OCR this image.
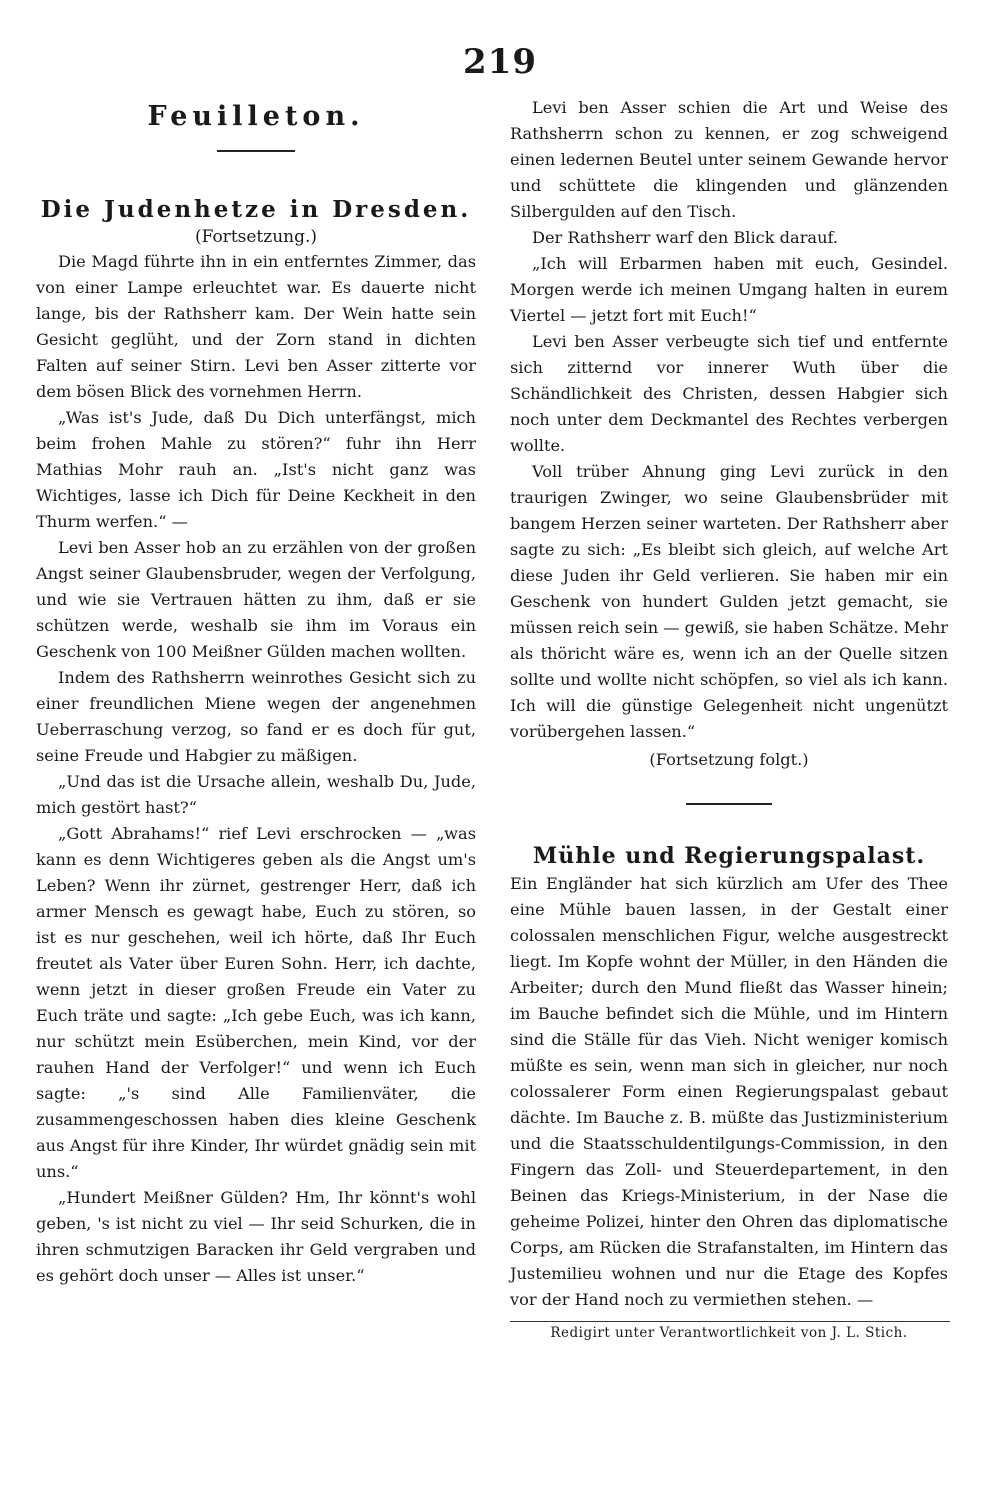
219
Feuilleton.
Die Judenhetze in Dresden.
(Fortsetzung.)

Die Magd führte ihn in ein entferntes Zimmer, das von einer Lampe erleuchtet war. Es dauerte nicht lange, bis der Rathsherr kam. Der Wein hatte sein Gesicht geglüht, und der Zorn stand in dichten Falten auf seiner Stirn. Levi ben Asser zitterte vor dem bösen Blick des vornehmen Herrn.

„Was ist's Jude, daß Du Dich unterfängst, mich beim frohen Mahle zu stören?“ fuhr ihn Herr Mathias Mohr rauh an. „Ist's nicht ganz was Wichtiges, lasse ich Dich für Deine Keckheit in den Thurm werfen.“ —

Levi ben Asser hob an zu erzählen von der großen Angst seiner Glaubensbruder, wegen der Verfolgung, und wie sie Vertrauen hätten zu ihm, daß er sie schützen werde, weshalb sie ihm im Voraus ein Geschenk von 100 Meißner Gülden machen wollten.

Indem des Rathsherrn weinrothes Gesicht sich zu einer freundlichen Miene wegen der angenehmen Ueberraschung verzog, so fand er es doch für gut, seine Freude und Habgier zu mäßigen.

„Und das ist die Ursache allein, weshalb Du, Jude, mich gestört hast?“

„Gott Abrahams!“ rief Levi erschrocken — „was kann es denn Wichtigeres geben als die Angst um's Leben? Wenn ihr zürnet, gestrenger Herr, daß ich armer Mensch es gewagt habe, Euch zu stören, so ist es nur geschehen, weil ich hörte, daß Ihr Euch freutet als Vater über Euren Sohn. Herr, ich dachte, wenn jetzt in dieser großen Freude ein Vater zu Euch träte und sagte: „Ich gebe Euch, was ich kann, nur schützt mein Esüberchen, mein Kind, vor der rauhen Hand der Verfolger!“ und wenn ich Euch sagte: „'s sind Alle Familienväter, die zusammengeschossen haben dies kleine Geschenk aus Angst für ihre Kinder, Ihr würdet gnädig sein mit uns.“

„Hundert Meißner Gülden? Hm, Ihr könnt's wohl geben, 's ist nicht zu viel — Ihr seid Schurken, die in ihren schmutzigen Baracken ihr Geld vergraben und es gehört doch unser — Alles ist unser.“

Levi ben Asser schien die Art und Weise des Rathsherrn schon zu kennen, er zog schweigend einen ledernen Beutel unter seinem Gewande hervor und schüttete die klingenden und glänzenden Silbergulden auf den Tisch.

Der Rathsherr warf den Blick darauf.

„Ich will Erbarmen haben mit euch, Gesindel. Morgen werde ich meinen Umgang halten in eurem Viertel — jetzt fort mit Euch!“

Levi ben Asser verbeugte sich tief und entfernte sich zitternd vor innerer Wuth über die Schändlichkeit des Christen, dessen Habgier sich noch unter dem Deckmantel des Rechtes verbergen wollte.

Voll trüber Ahnung ging Levi zurück in den traurigen Zwinger, wo seine Glaubensbrüder mit bangem Herzen seiner warteten. Der Rathsherr aber sagte zu sich: „Es bleibt sich gleich, auf welche Art diese Juden ihr Geld verlieren. Sie haben mir ein Geschenk von hundert Gulden jetzt gemacht, sie müssen reich sein — gewiß, sie haben Schätze. Mehr als thöricht wäre es, wenn ich an der Quelle sitzen sollte und wollte nicht schöpfen, so viel als ich kann. Ich will die günstige Gelegenheit nicht ungenützt vorübergehen lassen.“

(Fortsetzung folgt.)
Mühle und Regierungspalast.

Ein Engländer hat sich kürzlich am Ufer des Thee eine Mühle bauen lassen, in der Gestalt einer colossalen menschlichen Figur, welche ausgestreckt liegt. Im Kopfe wohnt der Müller, in den Händen die Arbeiter; durch den Mund fließt das Wasser hinein; im Bauche befindet sich die Mühle, und im Hintern sind die Ställe für das Vieh. Nicht weniger komisch müßte es sein, wenn man sich in gleicher, nur noch colossalerer Form einen Regierungspalast gebaut dächte. Im Bauche z. B. müßte das Justizministerium und die Staatsschuldentilgungs-Commission, in den Fingern das Zoll- und Steuerdepartement, in den Beinen das Kriegs-Ministerium, in der Nase die geheime Polizei, hinter den Ohren das diplomatische Corps, am Rücken die Strafanstalten, im Hintern das Justemilieu wohnen und nur die Etage des Kopfes vor der Hand noch zu vermiethen stehen. —

Redigirt unter Verantwortlichkeit von J. L. Stich.
